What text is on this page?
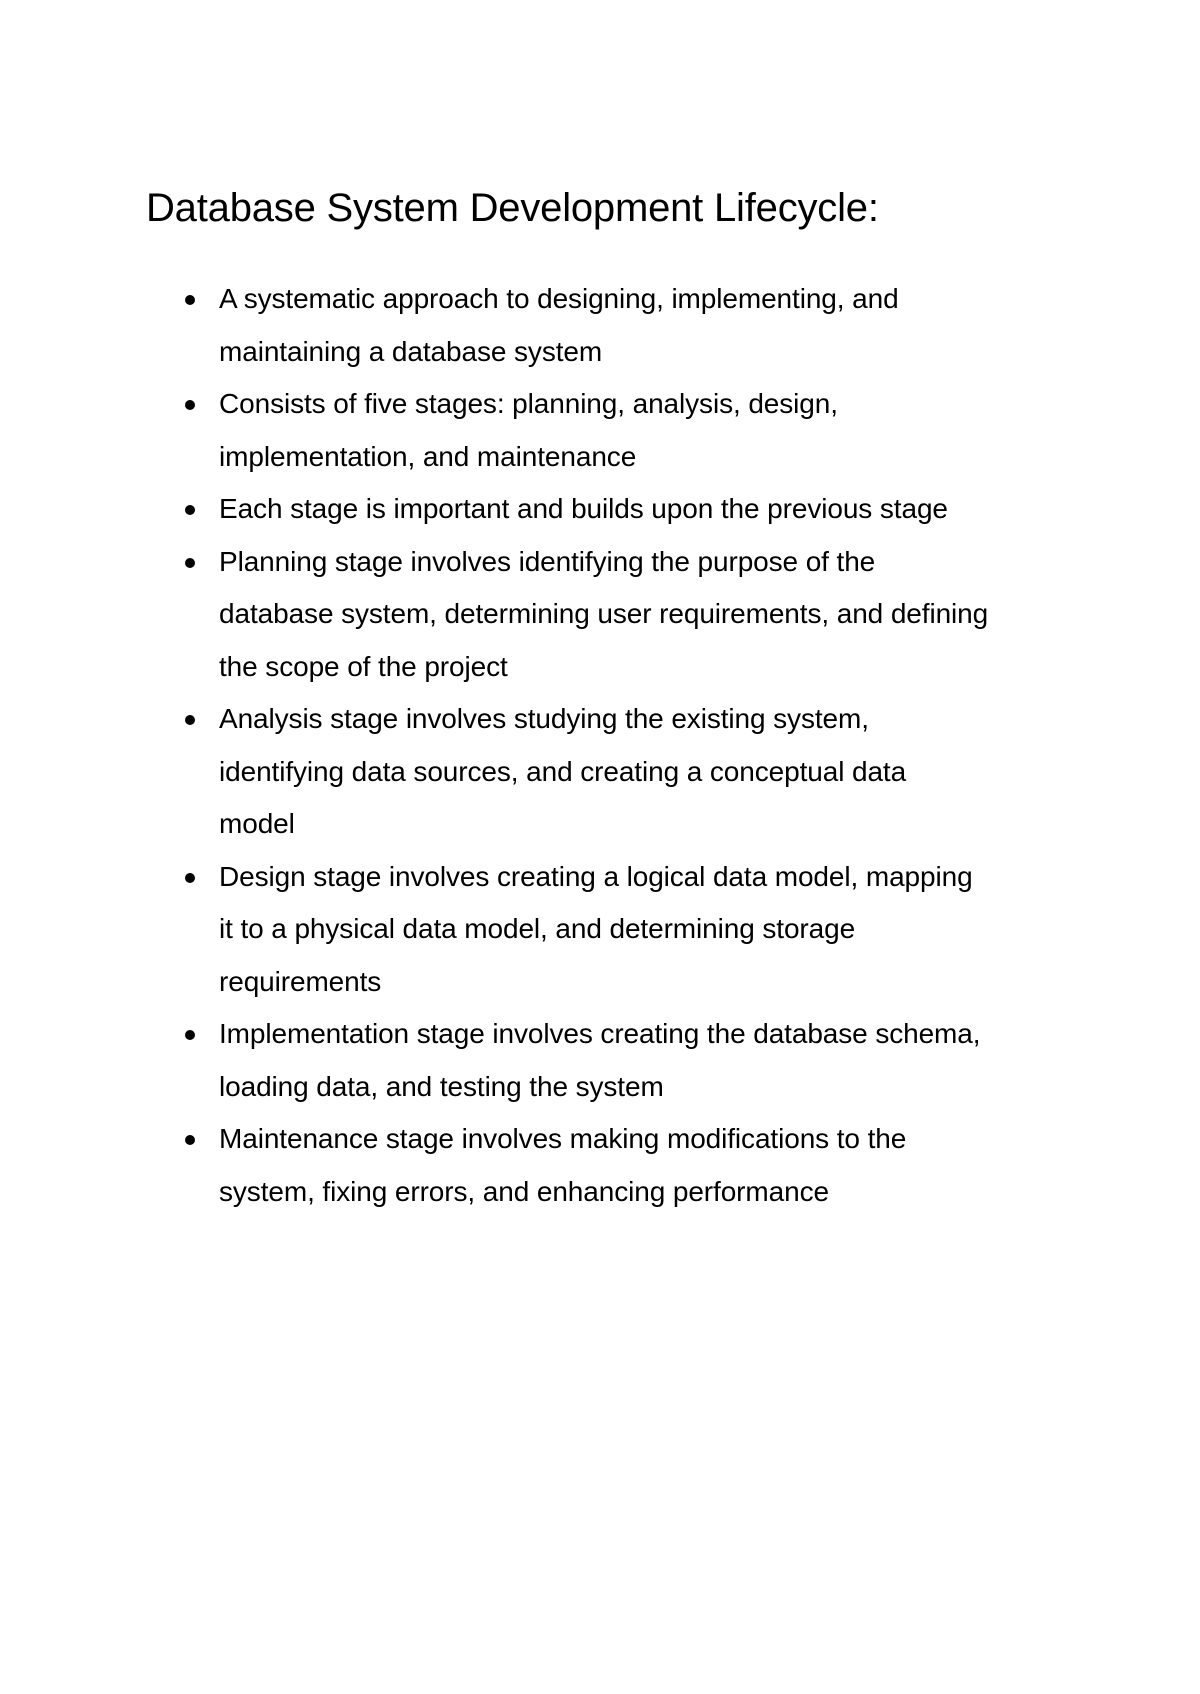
Database System Development Lifecycle:
A systematic approach to designing, implementing, and
maintaining a database system
Consists of five stages: planning, analysis, design,
implementation, and maintenance
Each stage is important and builds upon the previous stage
Planning stage involves identifying the purpose of the
database system, determining user requirements, and defining
the scope of the project
Analysis stage involves studying the existing system,
identifying data sources, and creating a conceptual data
model
Design stage involves creating a logical data model, mapping
it to a physical data model, and determining storage
requirements
Implementation stage involves creating the database schema,
loading data, and testing the system
Maintenance stage involves making modifications to the
system, fixing errors, and enhancing performance
